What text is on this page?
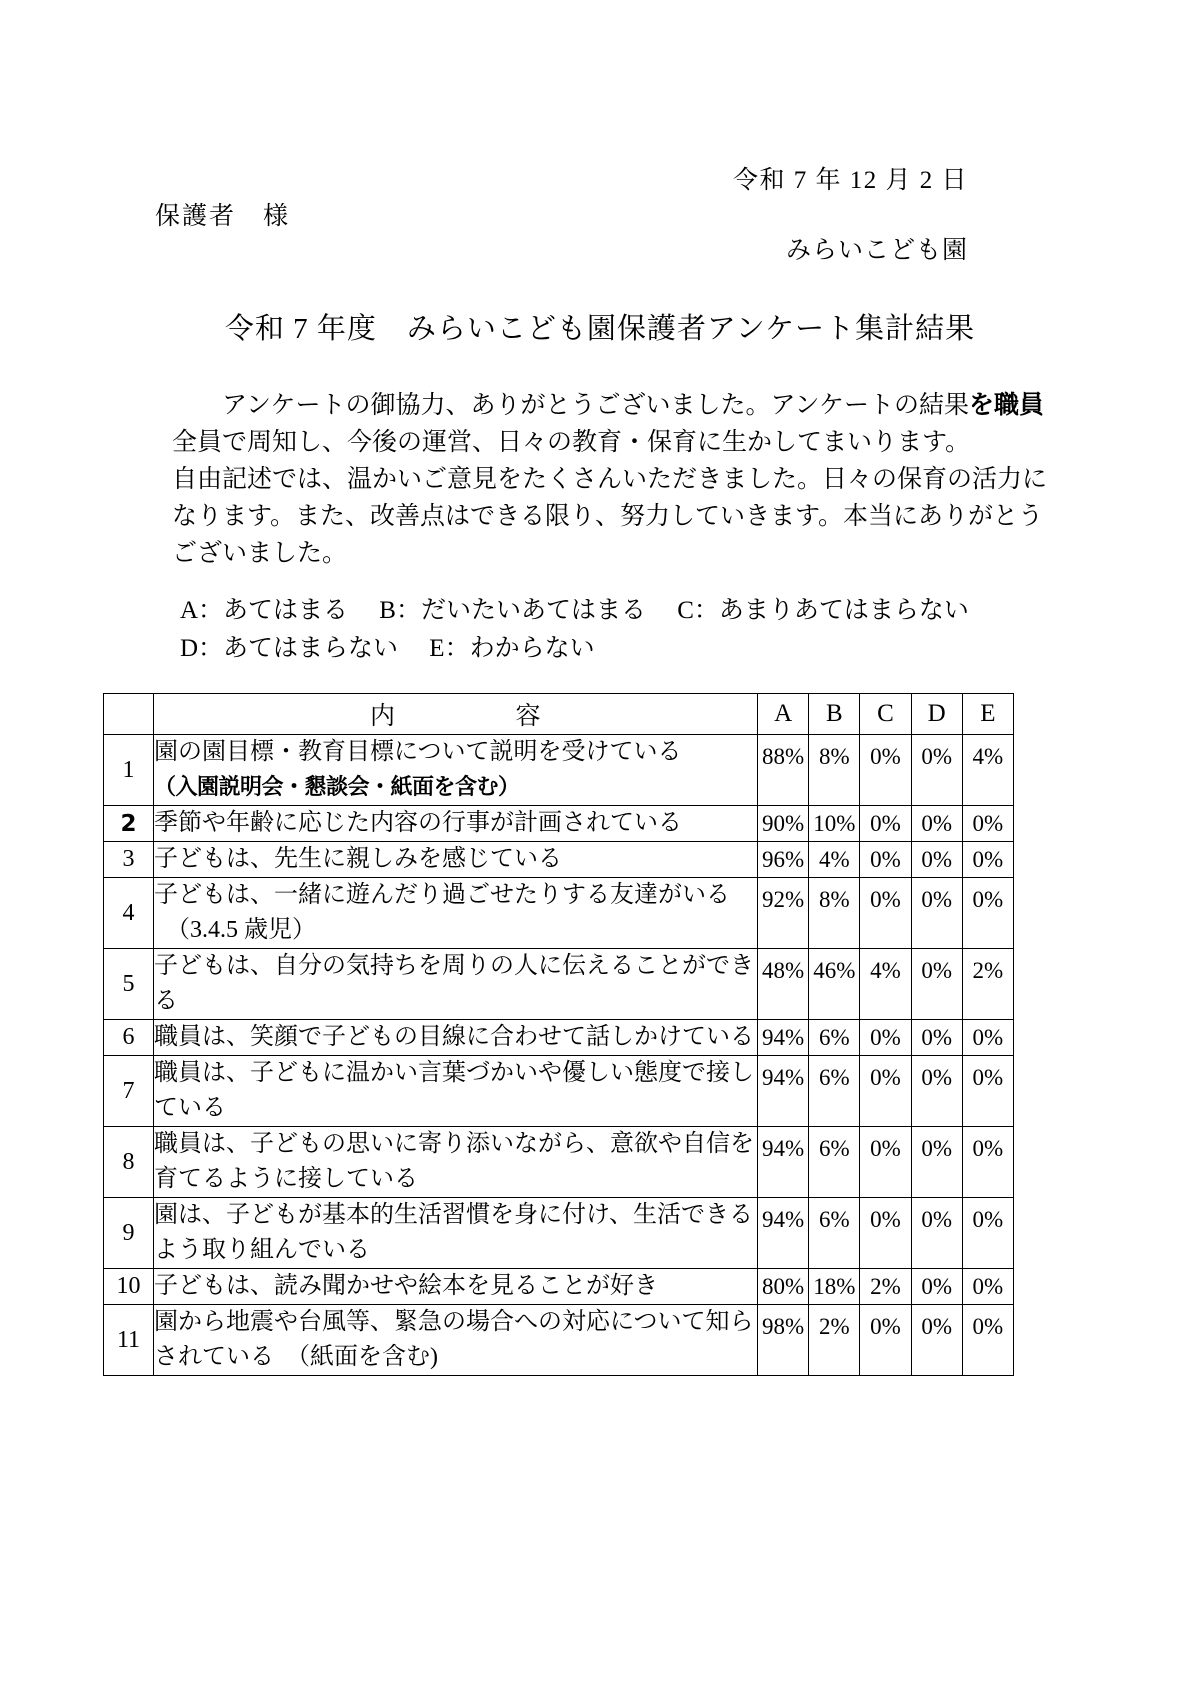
令和 7 年 12 月 2 日
保護者　様
みらいこども園
令和 7 年度　みらいこども園保護者アンケート集計結果

　　アンケートの御協力、ありがとうございました。アンケートの結果を職員

全員で周知し、今後の運営、日々の教育・保育に生かしてまいります。

自由記述では、温かいご意見をたくさんいただきました。日々の保育の活力に

なります。また、改善点はできる限り、努力していきます。本当にありがとう

ございました。

A：あてはまる　 B：だいたいあてはまる　 C：あまりあてはまらない
D：あてはまらない　 E：わからない

	内 容	A	B	C	D	E
1	園の園目標・教育目標について説明を受けている
（入園説明会・懇談会・紙面を含む）	88%	8%	0%	0%	4%
2	季節や年齢に応じた内容の行事が計画されている	90%	10%	0%	0%	0%
3	子どもは、先生に親しみを感じている	96%	4%	0%	0%	0%
4	子どもは、一緒に遊んだり過ごせたりする友達がいる
（3.4.5 歳児）	92%	8%	0%	0%	0%
5	子どもは、自分の気持ちを周りの人に伝えることができ
る	48%	46%	4%	0%	2%
6	職員は、笑顔で子どもの目線に合わせて話しかけている	94%	6%	0%	0%	0%
7	職員は、子どもに温かい言葉づかいや優しい態度で接し
ている	94%	6%	0%	0%	0%
8	職員は、子どもの思いに寄り添いながら、意欲や自信を
育てるように接している	94%	6%	0%	0%	0%
9	園は、子どもが基本的生活習慣を身に付け、生活できる
よう取り組んでいる	94%	6%	0%	0%	0%
10	子どもは、読み聞かせや絵本を見ることが好き	80%	18%	2%	0%	0%
11	園から地震や台風等、緊急の場合への対応について知ら
されている　（紙面を含む)	98%	2%	0%	0%	0%
